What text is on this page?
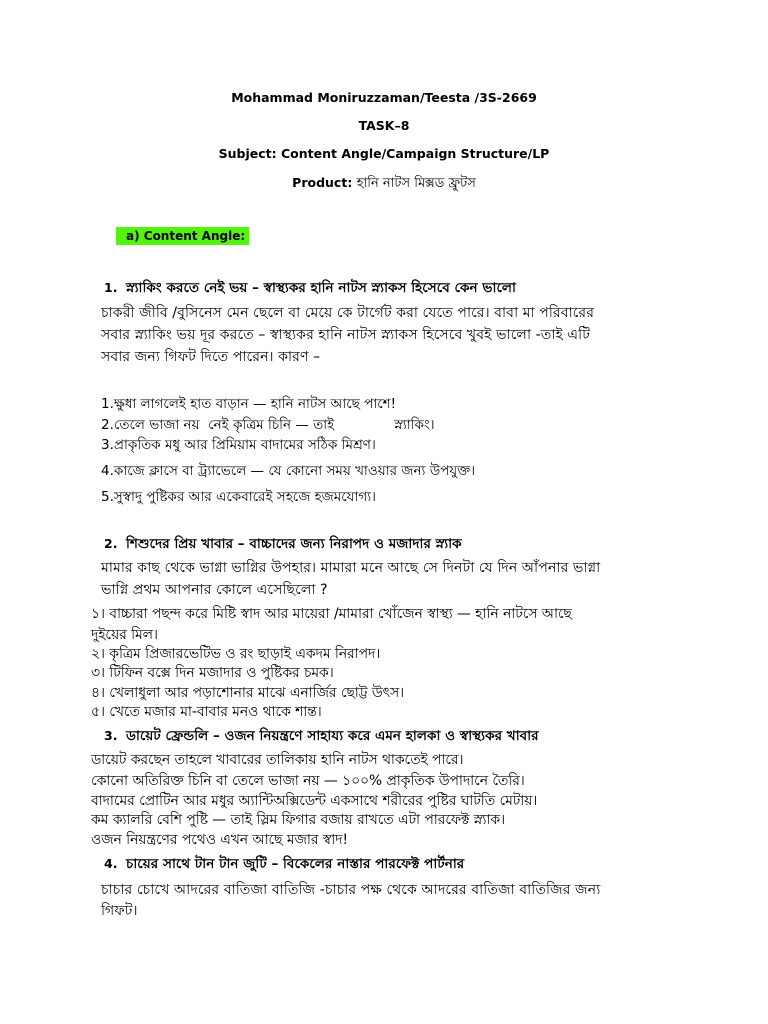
Mohammad Moniruzzaman/Teesta /3S-2669
TASK–8
Subject: Content Angle/Campaign Structure/LP
Product: হানি নাটস মিক্সড ফ্রুটস
a) Content Angle:
1. স্ন্যাকিং করতে নেই ভয় – স্বাস্থ্যকর হানি নাটস স্ন্যাকস হিসেবে কেন ভালো
চাকরী জীবি /বুসিনেস মেন ছেলে বা মেয়ে কে টার্গেট করা যেতে পারে। বাবা মা পরিবারের
সবার স্ন্যাকিং ভয় দূর করতে – স্বাস্থ্যকর হানি নাটস স্ন্যাকস হিসেবে খুবই ভালো -তাই এটি
সবার জন্য গিফট দিতে পারেন। কারণ –
1.ক্ষুধা লাগলেই হাত বাড়ান — হানি নাটস আছে পাশে!
2.তেলে ভাজা নয়  নেই কৃত্রিম চিনি — তাই              স্ন্যাকিং।
3.প্রাকৃতিক মধু আর প্রিমিয়াম বাদামের সঠিক মিশ্রণ।
4.কাজে ক্লাসে বা ট্র্যাভেলে — যে কোনো সময় খাওয়ার জন্য উপযুক্ত।
5.সুস্বাদু পুষ্টিকর আর একেবারেই সহজে হজমযোগ্য।
2. শিশুদের প্রিয় খাবার – বাচ্চাদের জন্য নিরাপদ ও মজাদার স্ন্যাক
মামার কাছ থেকে ভাগ্না ভাগ্নির উপহার। মামারা মনে আছে সে দিনটা যে দিন আঁপনার ভাগ্না
ভাগ্নি প্রথম আপনার কোলে এসেছিলো ?
১। বাচ্চারা পছন্দ করে মিষ্টি স্বাদ আর মায়েরা /মামারা খোঁজেন স্বাস্থ্য — হানি নাটসে আছে
দুইয়ের মিল।
২। কৃত্রিম প্রিজারভেটিভ ও রং ছাড়াই একদম নিরাপদ।
৩। টিফিন বক্সে দিন মজাদার ও পুষ্টিকর চমক।
৪। খেলাধুলা আর পড়াশোনার মাঝে এনার্জির ছোট্ট উৎস।
৫। খেতে মজার মা-বাবার মনও থাকে শান্ত।
3. ডায়েট ফ্রেন্ডলি – ওজন নিয়ন্ত্রণে সাহায্য করে এমন হালকা ও স্বাস্থ্যকর খাবার
ডায়েট করছেন তাহলে খাবারের তালিকায় হানি নাটস থাকতেই পারে।
কোনো অতিরিক্ত চিনি বা তেলে ভাজা নয় — ১০০% প্রাকৃতিক উপাদানে তৈরি।
বাদামের প্রোটিন আর মধুর অ্যান্টিঅক্সিডেন্ট একসাথে শরীরের পুষ্টির ঘাটতি মেটায়।
কম ক্যালরি বেশি পুষ্টি — তাই স্লিম ফিগার বজায় রাখতে এটা পারফেক্ট স্ন্যাক।
ওজন নিয়ন্ত্রণের পথেও এখন আছে মজার স্বাদ!
4. চায়ের সাথে টান টান জুটি – বিকেলের নাস্তার পারফেক্ট পার্টনার
চাচার চোখে আদরের বাতিজা বাতিজি -চাচার পক্ষ থেকে আদরের বাতিজা বাতিজির জন্য
গিফট।
